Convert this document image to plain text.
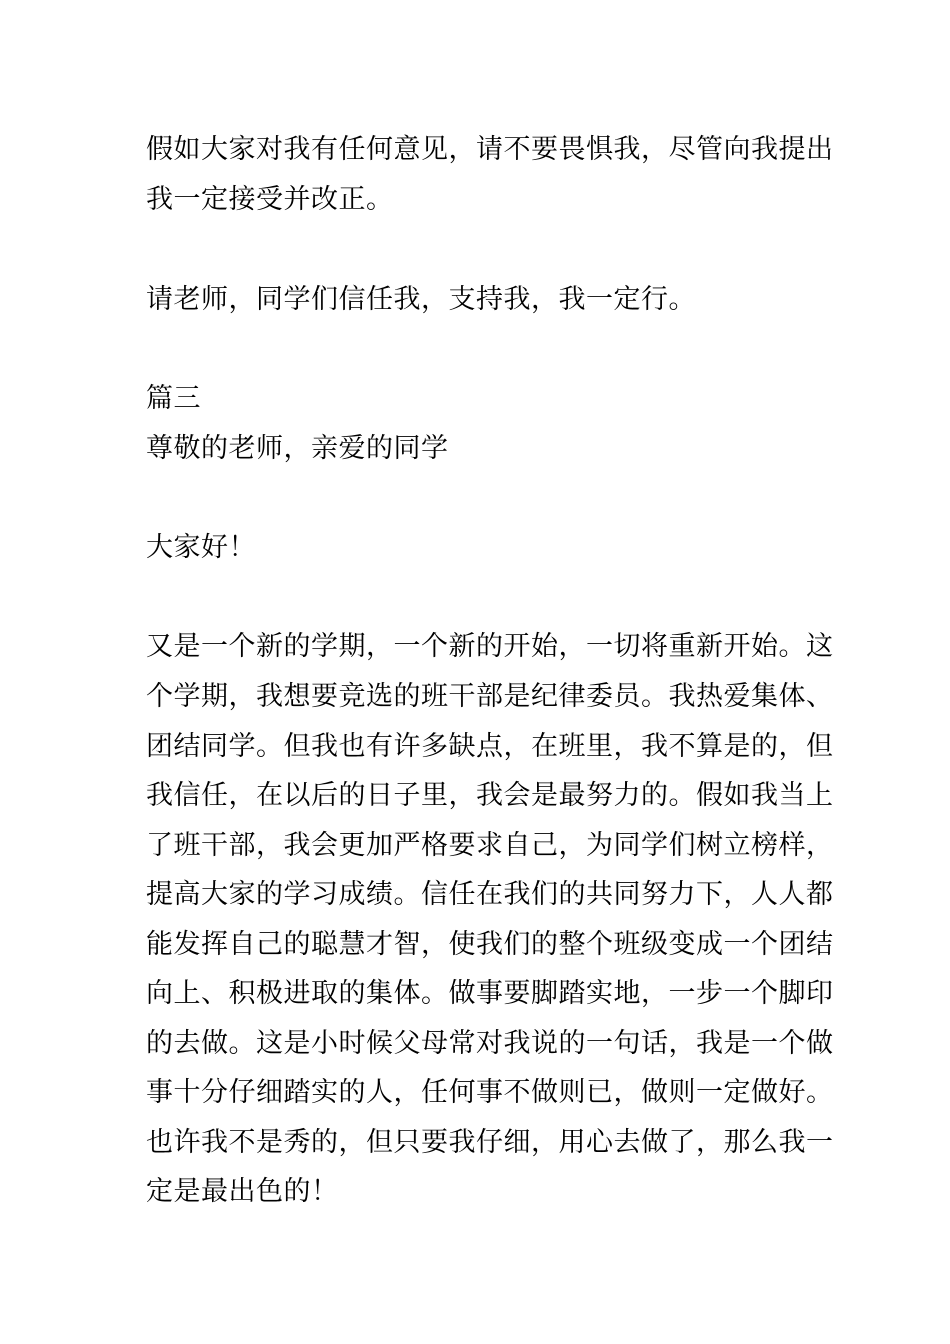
假如大家对我有任何意见，请不要畏惧我，尽管向我提出
我一定接受并改正。
请老师，同学们信任我，支持我，我一定行。
篇三
尊敬的老师，亲爱的同学
大家好！
又是一个新的学期，一个新的开始，一切将重新开始。这
个学期，我想要竞选的班干部是纪律委员。我热爱集体、
团结同学。但我也有许多缺点，在班里，我不算是的，但
我信任，在以后的日子里，我会是最努力的。假如我当上
了班干部，我会更加严格要求自己，为同学们树立榜样，
提高大家的学习成绩。信任在我们的共同努力下，人人都
能发挥自己的聪慧才智，使我们的整个班级变成一个团结
向上、积极进取的集体。做事要脚踏实地，一步一个脚印
的去做。这是小时候父母常对我说的一句话，我是一个做
事十分仔细踏实的人，任何事不做则已，做则一定做好。
也许我不是秀的，但只要我仔细，用心去做了，那么我一
定是最出色的！
